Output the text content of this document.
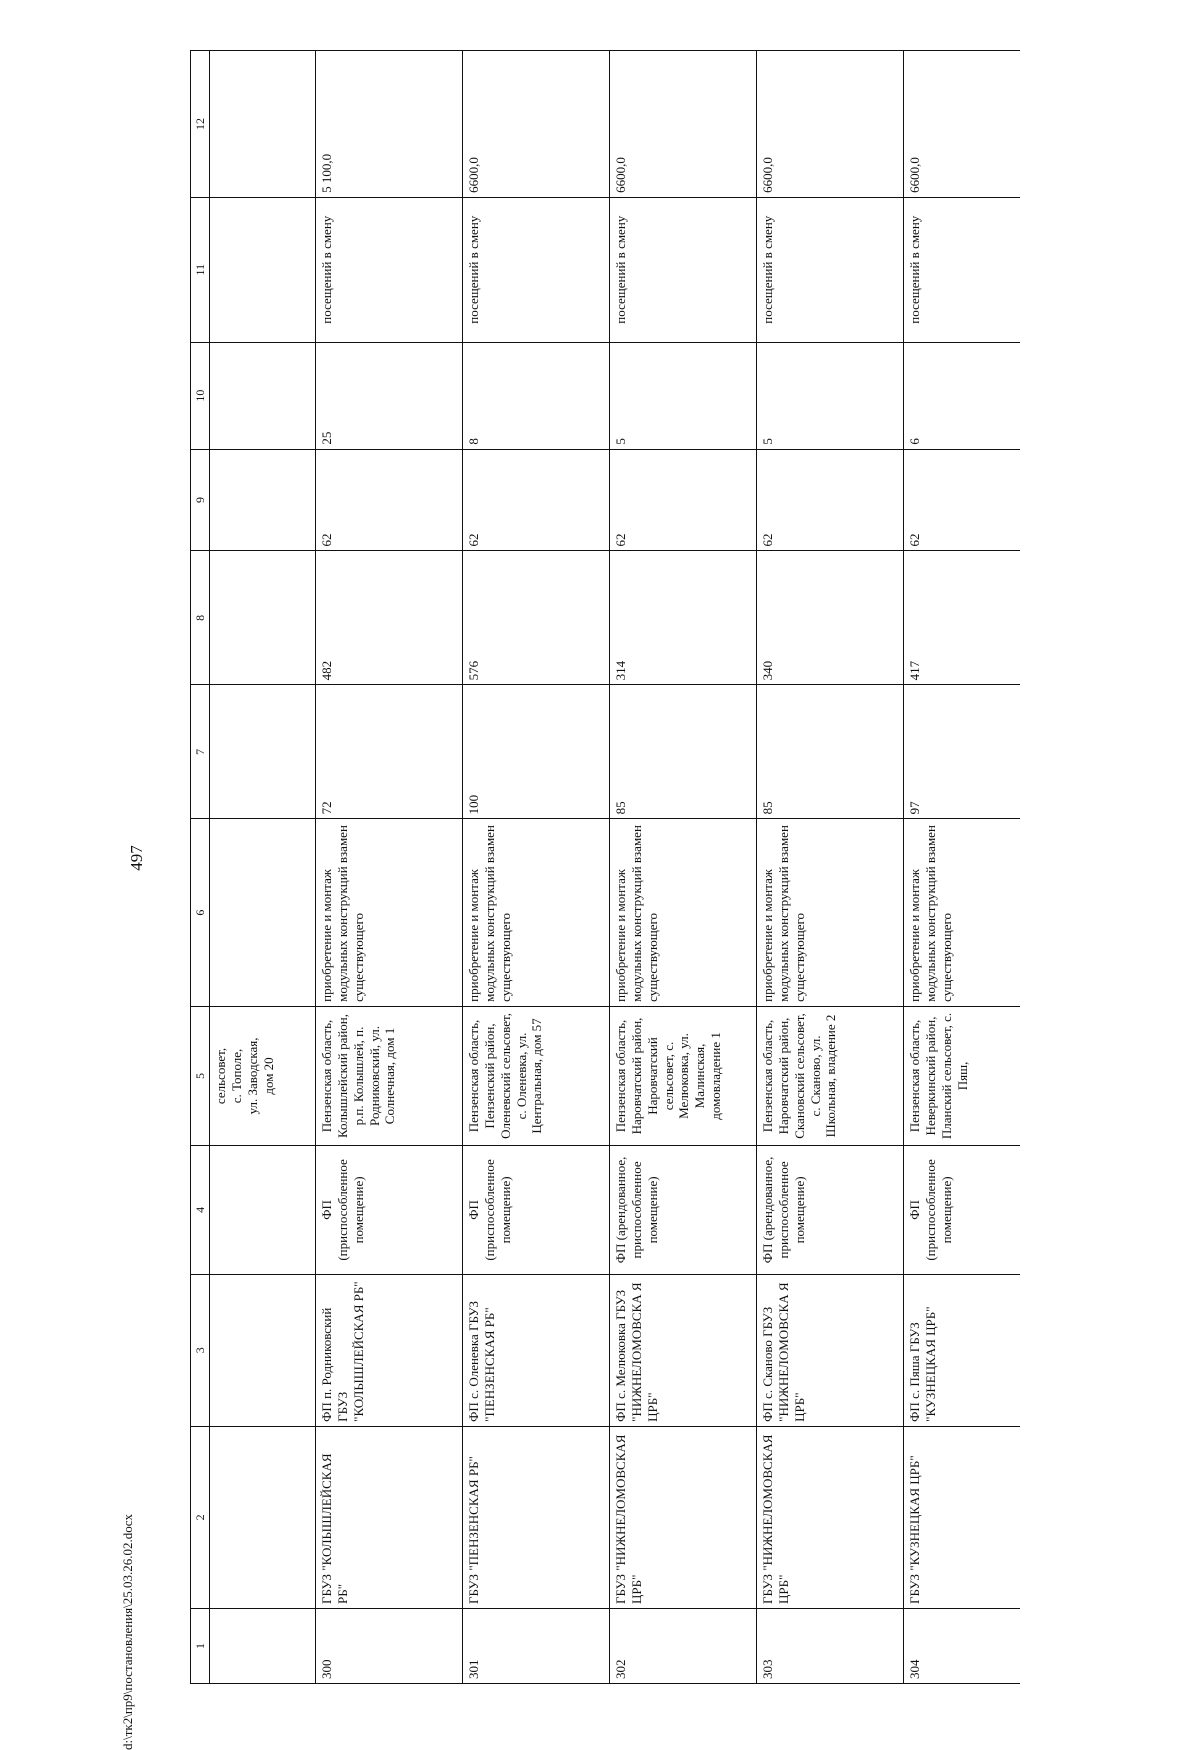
497
1	2	3	4	5	6	7	8	9	10	11	12
				сельсовет,
с. Тополе,
ул. Заводская,
дом 20							
300	ГБУЗ "КОЛЫШЛЕЙСКАЯ РБ"	ФП п. Родниковский ГБУЗ "КОЛЫШЛЕЙСКАЯ РБ"	ФП (приспособленное помещение)	Пензенская область, Колышлейский район, р.п. Колышлей, п. Родниковский, ул. Солнечная, дом 1	приобретение и монтаж модульных конструкций взамен существующего	72	482	62	25	посещений в смену	5 100,0
301	ГБУЗ "ПЕНЗЕНСКАЯ РБ"	ФП с. Оленевка ГБУЗ "ПЕНЗЕНСКАЯ РБ"	ФП (приспособленное помещение)	Пензенская область, Пензенский район, Оленевский сельсовет, с. Оленевка, ул. Центральная, дом 57	приобретение и монтаж модульных конструкций взамен существующего	100	576	62	8	посещений в смену	6600,0
302	ГБУЗ "НИЖНЕЛОМОВСКАЯ ЦРБ"	ФП с. Мелюковка ГБУЗ "НИЖНЕЛОМОВСКА Я ЦРБ"	ФП (арендованное, приспособленное помещение)	Пензенская область, Наровчатский район, Наровчатский сельсовет, с. Мелюковка, ул. Малинская, домовладение 1	приобретение и монтаж модульных конструкций взамен существующего	85	314	62	5	посещений в смену	6600,0
303	ГБУЗ "НИЖНЕЛОМОВСКАЯ ЦРБ"	ФП с. Сканово ГБУЗ "НИЖНЕЛОМОВСКА Я ЦРБ"	ФП (арендованное, приспособленное помещение)	Пензенская область, Наровчатский район, Скановский сельсовет, с. Сканово, ул. Школьная, владение 2	приобретение и монтаж модульных конструкций взамен существующего	85	340	62	5	посещений в смену	6600,0
304	ГБУЗ "КУЗНЕЦКАЯ ЦРБ"	ФП с. Пяша ГБУЗ "КУЗНЕЦКАЯ ЦРБ"	ФП (приспособленное помещение)	Пензенская область, Неверкинский район, Планский сельсовет, с. Пяш,	приобретение и монтаж модульных конструкций взамен существующего	97	417	62	6	посещений в смену	6600,0
d:\тк2\пр9\постановления\25.03.26.02.docx
